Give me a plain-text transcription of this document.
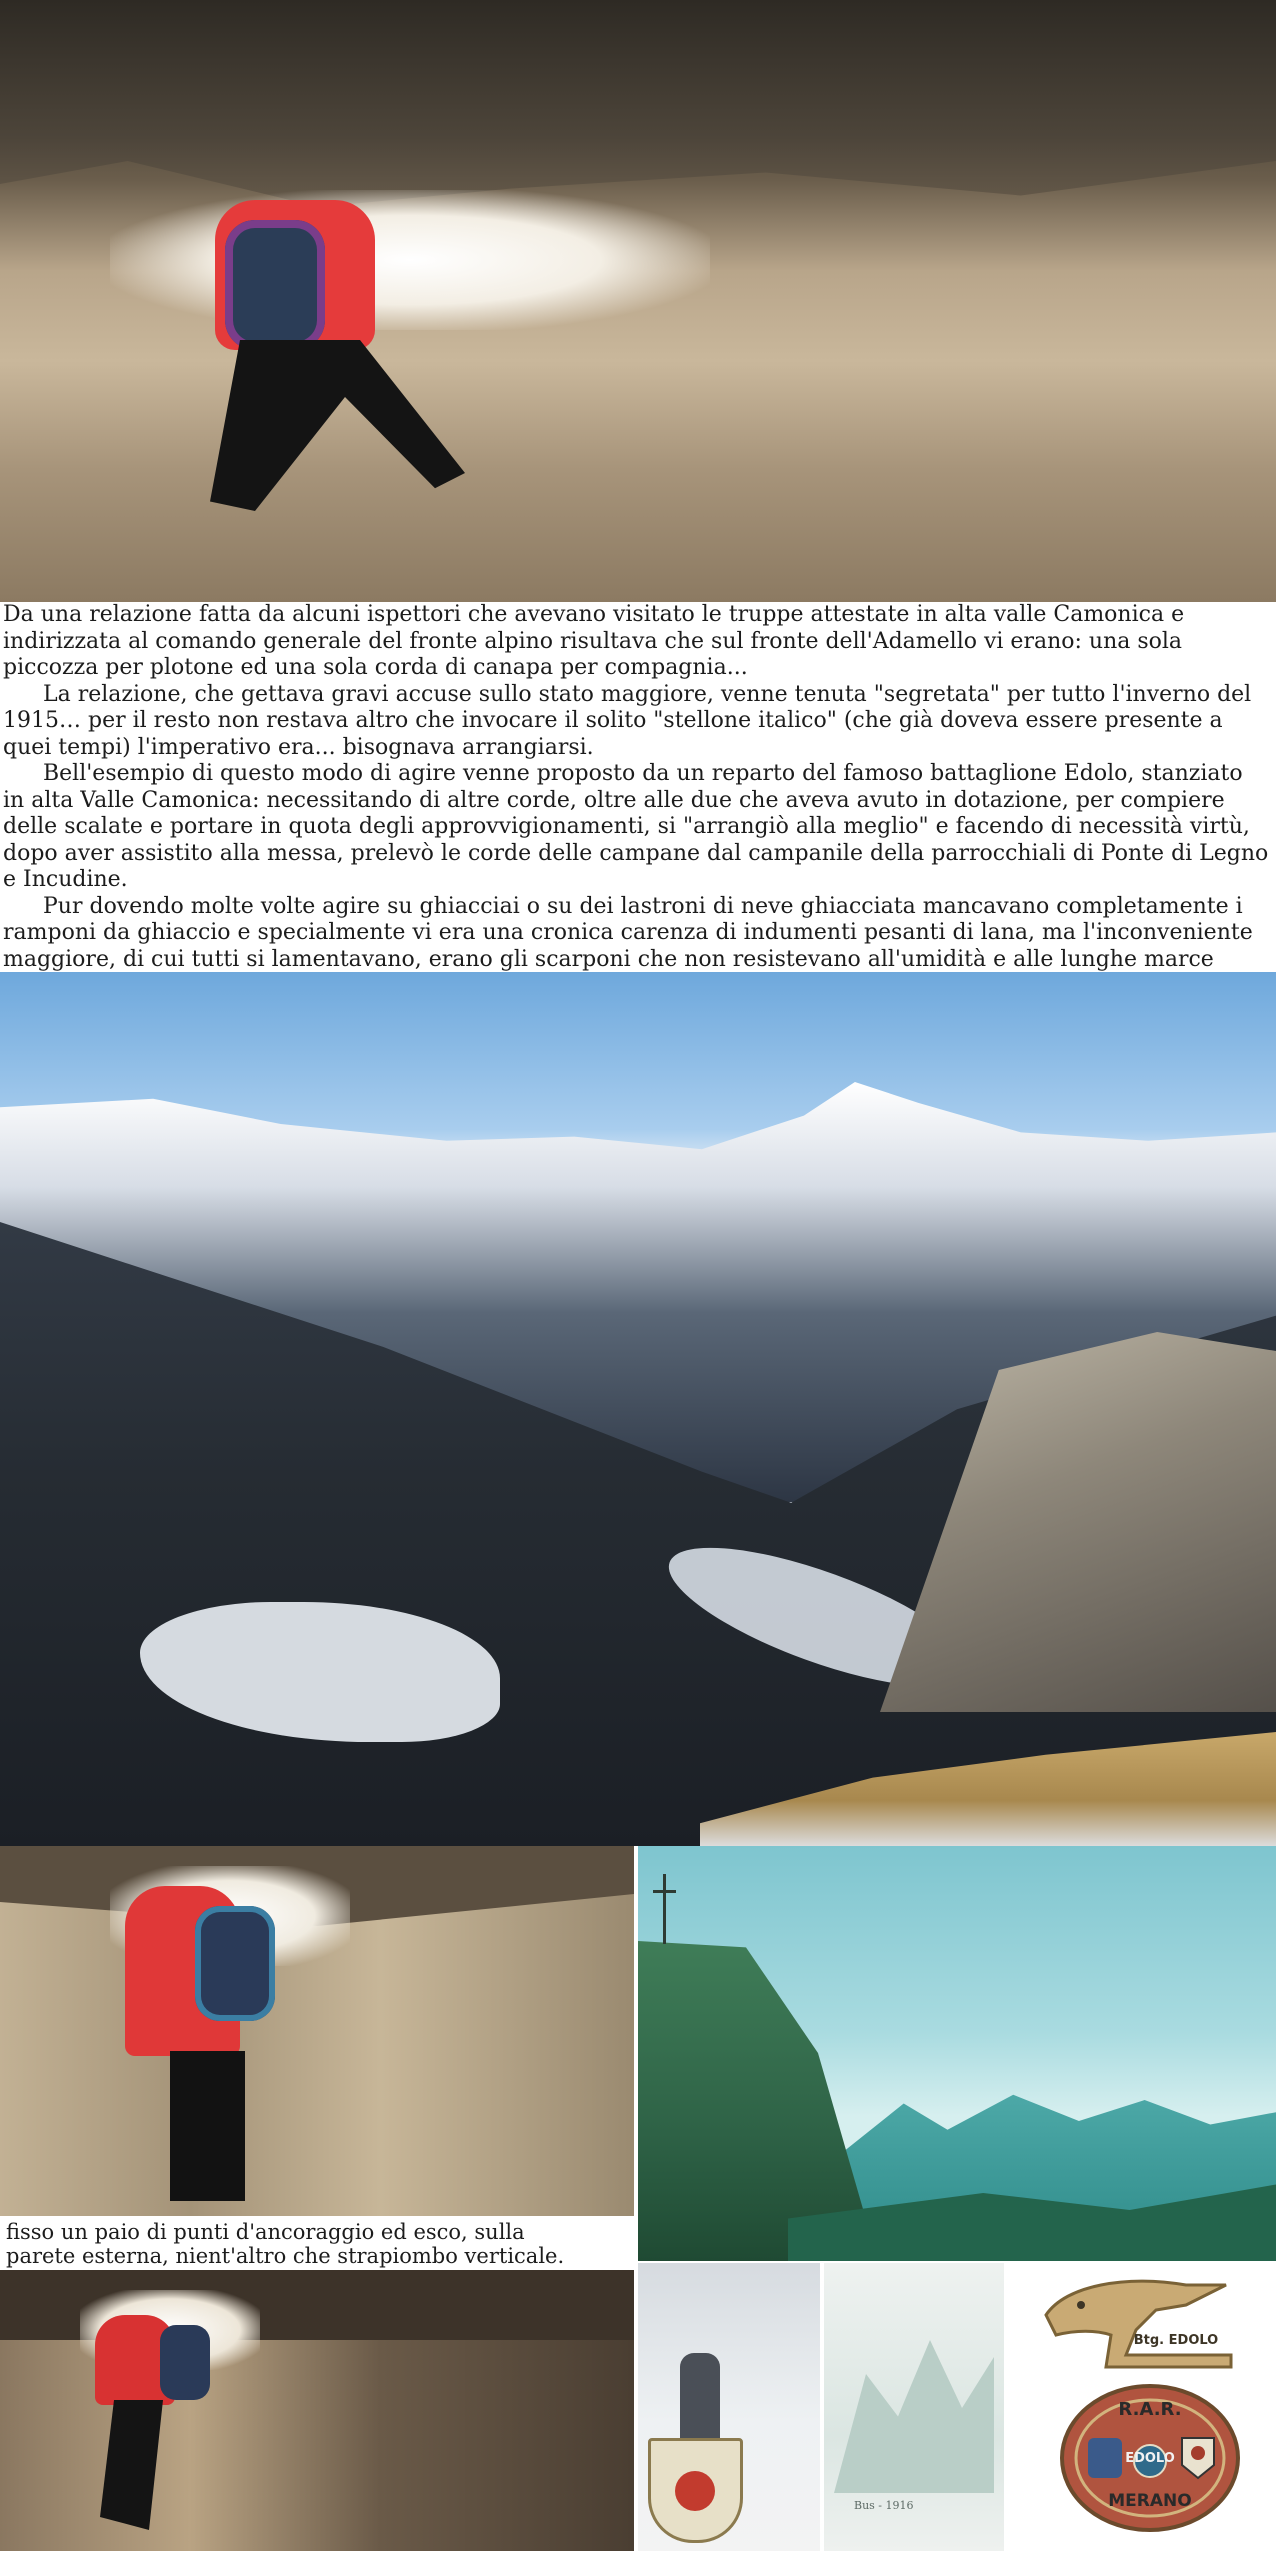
Da una relazione fatta da alcuni ispettori che avevano visitato le truppe attestate in alta valle Camonica e indirizzata al comando generale del fronte alpino risultava che sul fronte dell'Adamello vi erano: una sola piccozza per plotone ed una sola corda di canapa per compagnia...

La relazione, che gettava gravi accuse sullo stato maggiore, venne tenuta "segretata" per tutto l'inverno del 1915… per il resto non restava altro che invocare il solito "stellone italico" (che già doveva essere presente a quei tempi) l'imperativo era... bisognava arrangiarsi.

Bell'esempio di questo modo di agire venne proposto da un reparto del famoso battaglione Edolo, stanziato in alta Valle Camonica: necessitando di altre corde, oltre alle due che aveva avuto in dotazione, per compiere delle scalate e portare in quota degli approvvigionamenti, si "arrangiò alla meglio" e facendo di necessità virtù, dopo aver assistito alla messa, prelevò le corde delle campane dal campanile della parrocchiali di Ponte di Legno e Incudine.

Pur dovendo molte volte agire su ghiacciai o su dei lastroni di neve ghiacciata mancavano completamente i ramponi da ghiaccio e specialmente vi era una cronica carenza di indumenti pesanti di lana, ma l'inconveniente maggiore, di cui tutti si lamentavano, erano gli scarponi che non resistevano all'umidità e alle lunghe marce

fisso un paio di punti d'ancoraggio ed esco, sulla
parete esterna, nient'altro che strapiombo verticale.
Bus - 1916
Btg. EDOLO
R.A.R.
EDOLO
MERANO
